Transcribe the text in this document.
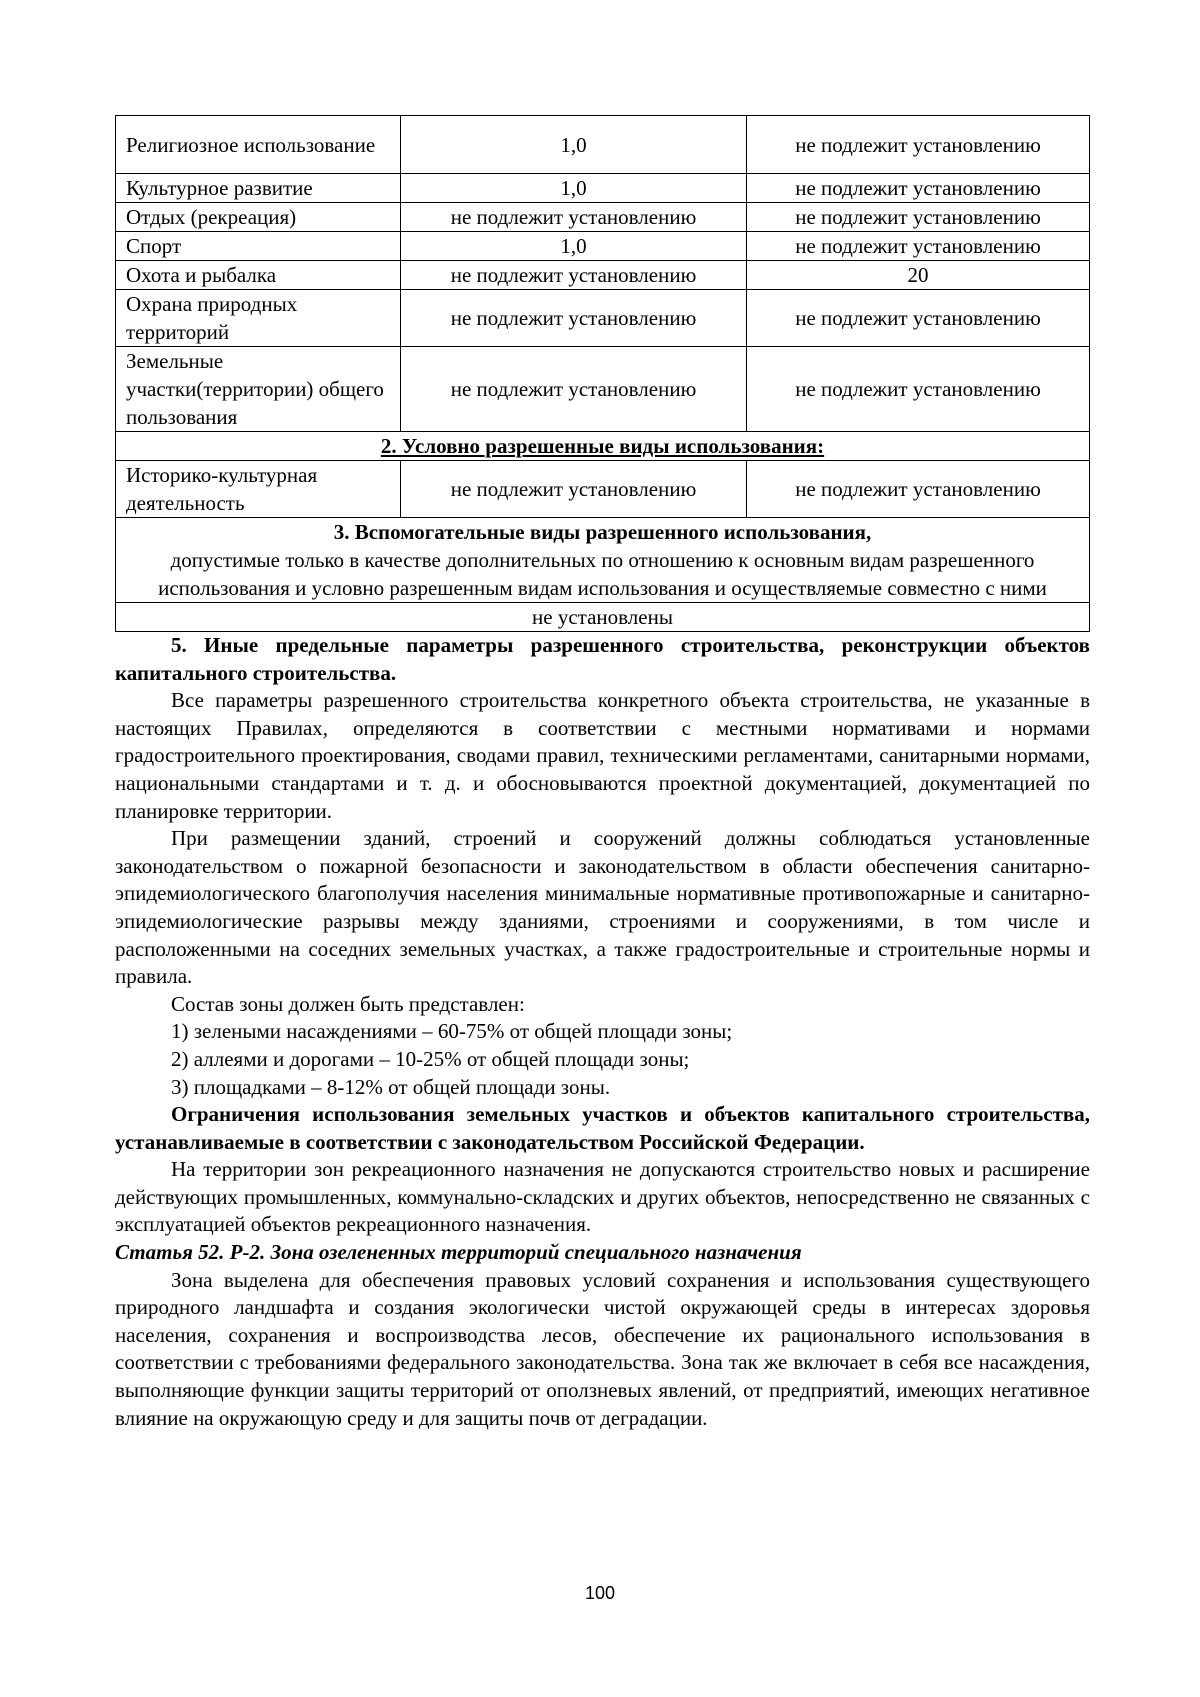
Религиозное использование	1,0	не подлежит установлению
Культурное развитие	1,0	не подлежит установлению
Отдых (рекреация)	не подлежит установлению	не подлежит установлению
Спорт	1,0	не подлежит установлению
Охота и рыбалка	не подлежит установлению	20
Охрана природных территорий	не подлежит установлению	не подлежит установлению
Земельные участки(территории) общего пользования	не подлежит установлению	не подлежит установлению
2. Условно разрешенные виды использования:		
Историко-культурная деятельность	не подлежит установлению	не подлежит установлению

3. Вспомогательные виды разрешенного использования,
допустимые только в качестве дополнительных по отношению к основным видам разрешенного использования и условно разрешенным видам использования и осуществляемые совместно с ними		

не установлены		

5. Иные предельные параметры разрешенного строительства, реконструкции объектов капитального строительства.

Все параметры разрешенного строительства конкретного объекта строительства, не указанные в настоящих Правилах, определяются в соответствии с местными нормативами и нормами градостроительного проектирования, сводами правил, техническими регламентами, санитарными нормами, национальными стандартами и т. д. и обосновываются проектной документацией, документацией по планировке территории.

При размещении зданий, строений и сооружений должны соблюдаться установленные законодательством о пожарной безопасности и законодательством в области обеспечения санитарно-эпидемиологического благополучия населения минимальные нормативные противопожарные и санитарно-эпидемиологические разрывы между зданиями, строениями и сооружениями, в том числе и расположенными на соседних земельных участках, а также градостроительные и строительные нормы и правила.

Состав зоны должен быть представлен:

1) зелеными насаждениями – 60-75% от общей площади зоны;

2) аллеями и дорогами – 10-25% от общей площади зоны;

3) площадками – 8-12% от общей площади зоны.

Ограничения использования земельных участков и объектов капитального строительства, устанавливаемые в соответствии с законодательством Российской Федерации.

На территории зон рекреационного назначения не допускаются строительство новых и расширение действующих промышленных, коммунально-складских и других объектов, непосредственно не связанных с эксплуатацией объектов рекреационного назначения.

Статья 52. Р-2. Зона озелененных территорий специального назначения

Зона выделена для обеспечения правовых условий сохранения и использования существующего природного ландшафта и создания экологически чистой окружающей среды в интересах здоровья населения, сохранения и воспроизводства лесов, обеспечение их рационального использования в соответствии с требованиями федерального законодательства. Зона так же включает в себя все насаждения, выполняющие функции защиты территорий от оползневых явлений, от предприятий, имеющих негативное влияние на окружающую среду и для защиты почв от деградации.

100
